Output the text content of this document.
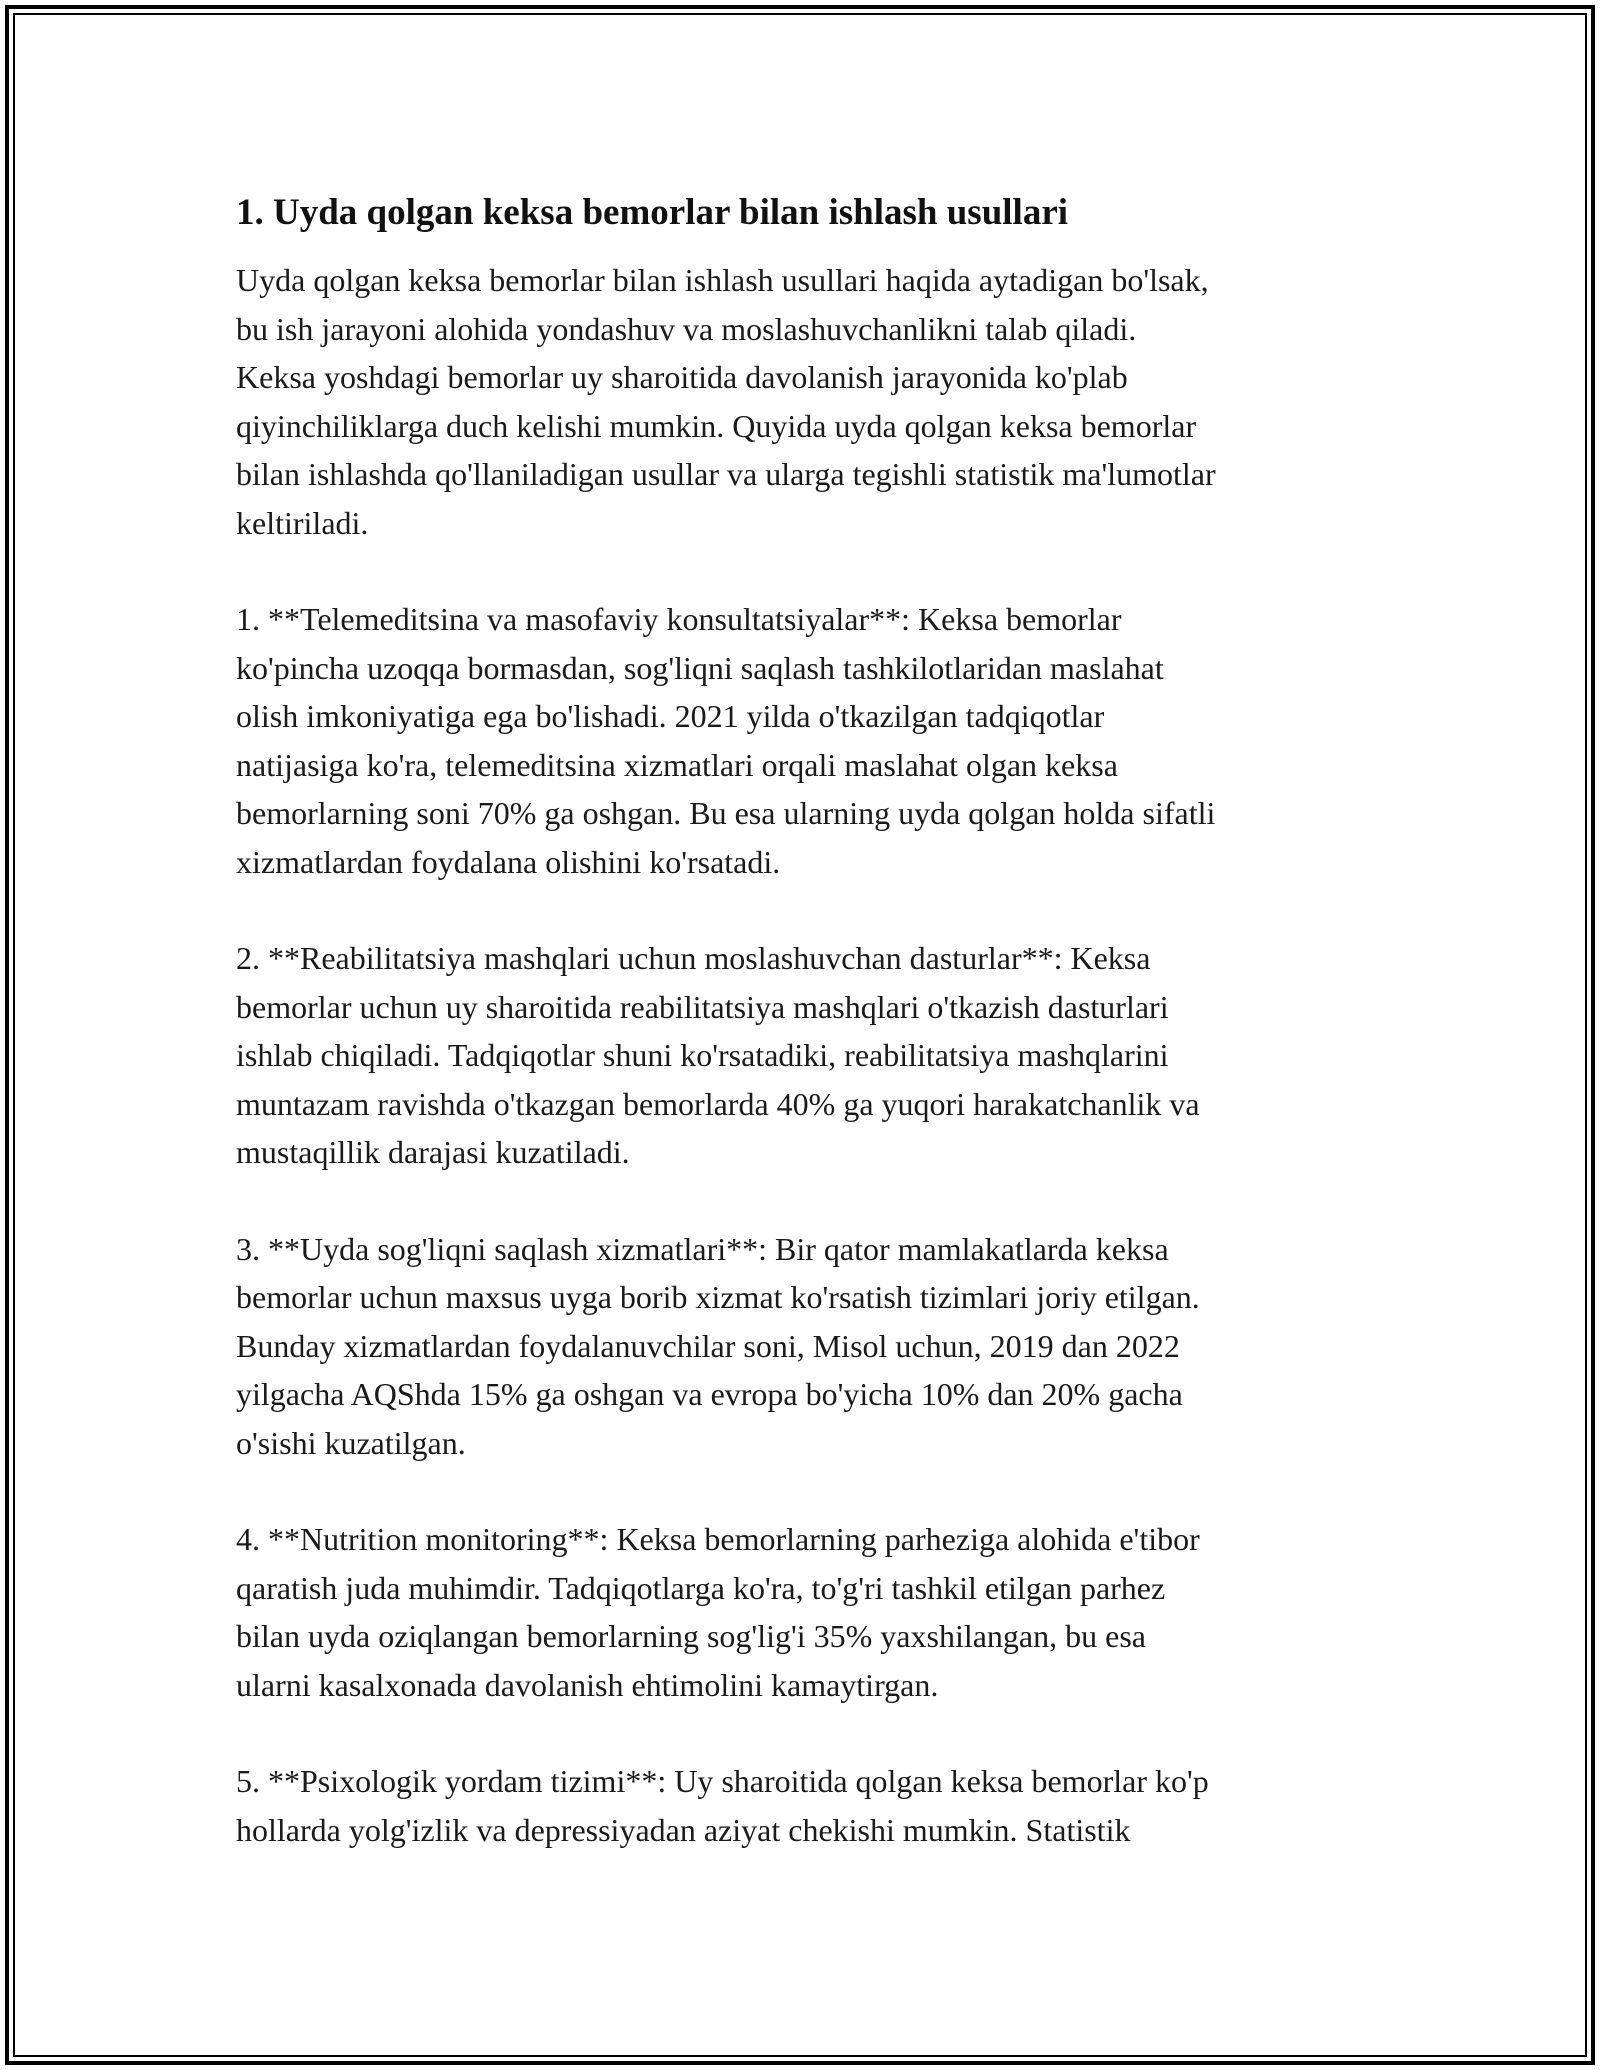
1. Uyda qolgan keksa bemorlar bilan ishlash usullari

Uyda qolgan keksa bemorlar bilan ishlash usullari haqida aytadigan bo'lsak,
bu ish jarayoni alohida yondashuv va moslashuvchanlikni talab qiladi.
Keksa yoshdagi bemorlar uy sharoitida davolanish jarayonida ko'plab
qiyinchiliklarga duch kelishi mumkin. Quyida uyda qolgan keksa bemorlar
bilan ishlashda qo'llaniladigan usullar va ularga tegishli statistik ma'lumotlar
keltiriladi.

1. **Telemeditsina va masofaviy konsultatsiyalar**: Keksa bemorlar
ko'pincha uzoqqa bormasdan, sog'liqni saqlash tashkilotlaridan maslahat
olish imkoniyatiga ega bo'lishadi. 2021 yilda o'tkazilgan tadqiqotlar
natijasiga ko'ra, telemeditsina xizmatlari orqali maslahat olgan keksa
bemorlarning soni 70% ga oshgan. Bu esa ularning uyda qolgan holda sifatli
xizmatlardan foydalana olishini ko'rsatadi.

2. **Reabilitatsiya mashqlari uchun moslashuvchan dasturlar**: Keksa
bemorlar uchun uy sharoitida reabilitatsiya mashqlari o'tkazish dasturlari
ishlab chiqiladi. Tadqiqotlar shuni ko'rsatadiki, reabilitatsiya mashqlarini
muntazam ravishda o'tkazgan bemorlarda 40% ga yuqori harakatchanlik va
mustaqillik darajasi kuzatiladi.

3. **Uyda sog'liqni saqlash xizmatlari**: Bir qator mamlakatlarda keksa
bemorlar uchun maxsus uyga borib xizmat ko'rsatish tizimlari joriy etilgan.
Bunday xizmatlardan foydalanuvchilar soni, Misol uchun, 2019 dan 2022
yilgacha AQShda 15% ga oshgan va evropa bo'yicha 10% dan 20% gacha
o'sishi kuzatilgan.

4. **Nutrition monitoring**: Keksa bemorlarning parheziga alohida e'tibor
qaratish juda muhimdir. Tadqiqotlarga ko'ra, to'g'ri tashkil etilgan parhez
bilan uyda oziqlangan bemorlarning sog'lig'i 35% yaxshilangan, bu esa
ularni kasalxonada davolanish ehtimolini kamaytirgan.

5. **Psixologik yordam tizimi**: Uy sharoitida qolgan keksa bemorlar ko'p
hollarda yolg'izlik va depressiyadan aziyat chekishi mumkin. Statistik
